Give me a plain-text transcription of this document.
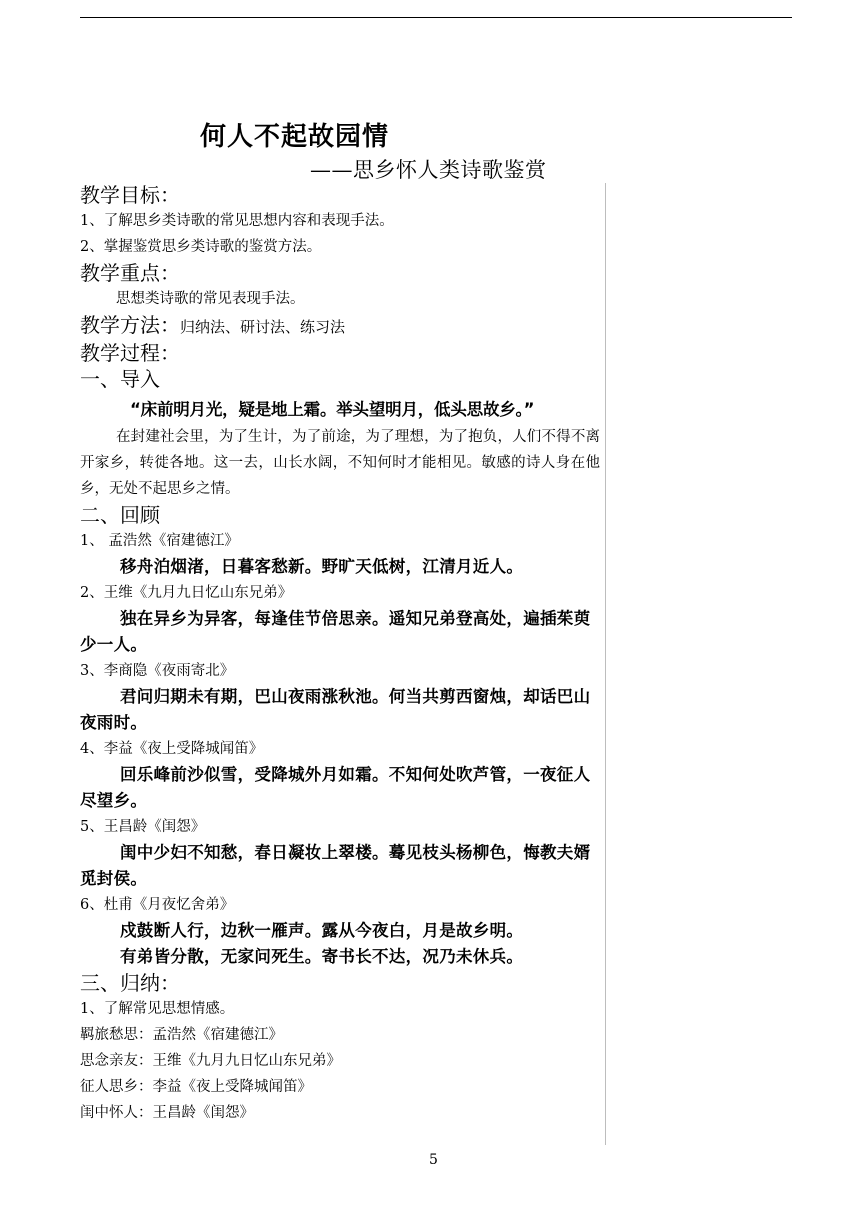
何人不起故园情
——思乡怀人类诗歌鉴赏
教学目标：
1、了解思乡类诗歌的常见思想内容和表现手法。
2、掌握鉴赏思乡类诗歌的鉴赏方法。
教学重点：
思想类诗歌的常见表现手法。
教学方法：归纳法、研讨法、练习法
教学过程：
一、导入
“床前明月光，疑是地上霜。举头望明月，低头思故乡。”
在封建社会里，为了生计，为了前途，为了理想，为了抱负，人们不得不离开家乡，转徙各地。这一去，山长水阔，不知何时才能相见。敏感的诗人身在他乡，无处不起思乡之情。
二、回顾
1、 孟浩然《宿建德江》
移舟泊烟渚，日暮客愁新。野旷天低树，江清月近人。
2、王维《九月九日忆山东兄弟》
独在异乡为异客，每逢佳节倍思亲。遥知兄弟登高处，遍插茱萸少一人。
3、李商隐《夜雨寄北》
君问归期未有期，巴山夜雨涨秋池。何当共剪西窗烛，却话巴山夜雨时。
4、李益《夜上受降城闻笛》
回乐峰前沙似雪，受降城外月如霜。不知何处吹芦管，一夜征人尽望乡。
5、王昌龄《闺怨》
闺中少妇不知愁，春日凝妆上翠楼。蓦见枝头杨柳色，悔教夫婿觅封侯。
6、杜甫《月夜忆舍弟》
戍鼓断人行，边秋一雁声。露从今夜白，月是故乡明。
有弟皆分散，无家问死生。寄书长不达，况乃未休兵。
三、归纳：
1、了解常见思想情感。
羁旅愁思：孟浩然《宿建德江》
思念亲友：王维《九月九日忆山东兄弟》
征人思乡：李益《夜上受降城闻笛》
闺中怀人：王昌龄《闺怨》
5
